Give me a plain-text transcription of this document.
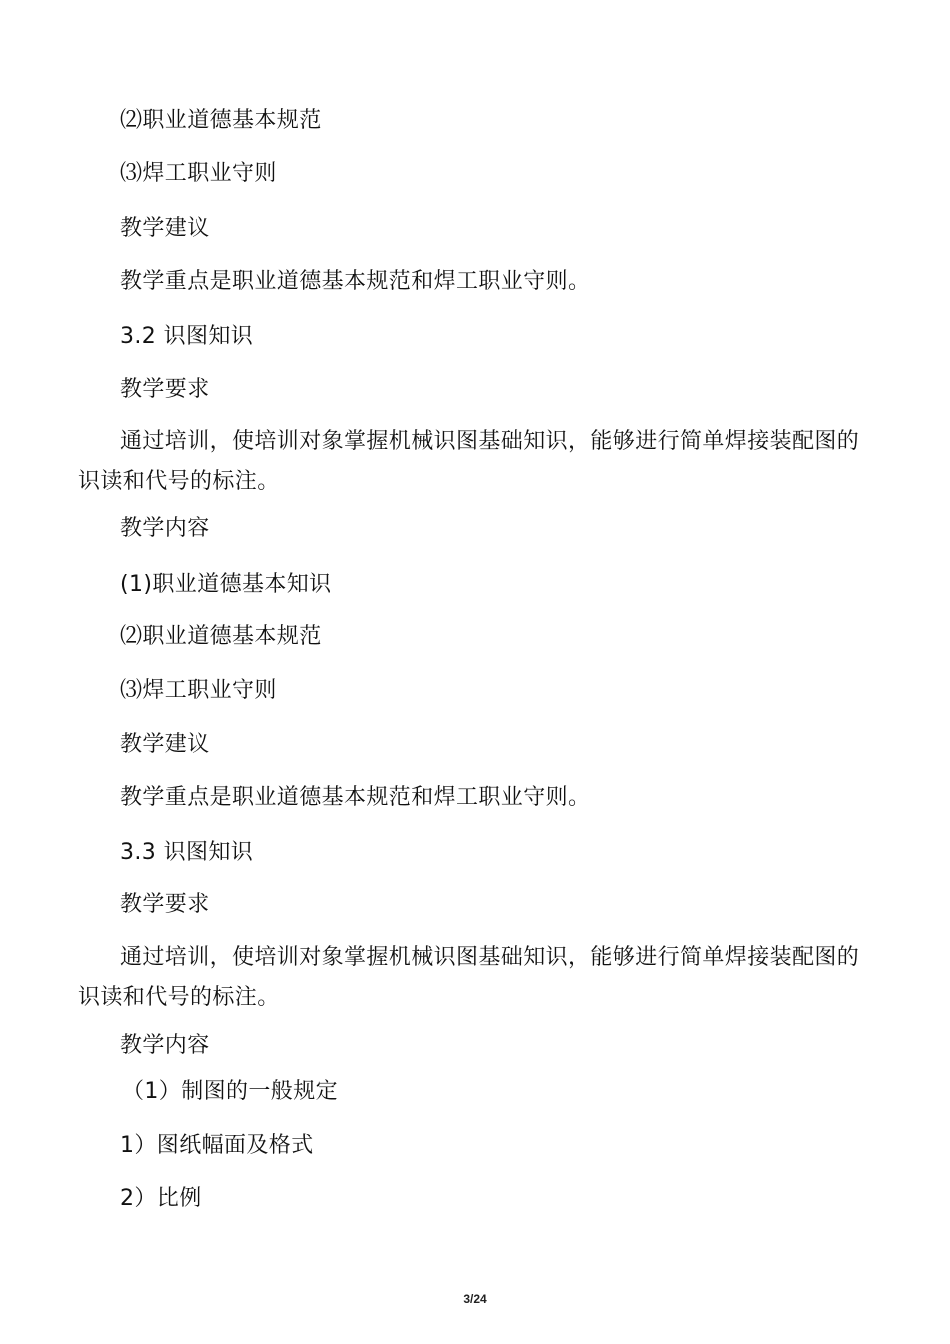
⑵职业道德基本规范
⑶焊工职业守则
教学建议
教学重点是职业道德基本规范和焊工职业守则。
3.2 识图知识
教学要求
通过培训，使培训对象掌握机械识图基础知识，能够进行简单焊接装配图的识读和代号的标注。
教学内容
(1)职业道德基本知识
⑵职业道德基本规范
⑶焊工职业守则
教学建议
教学重点是职业道德基本规范和焊工职业守则。
3.3 识图知识
教学要求
通过培训，使培训对象掌握机械识图基础知识，能够进行简单焊接装配图的识读和代号的标注。
教学内容
（1）制图的一般规定
1）图纸幅面及格式
2）比例
3/24
